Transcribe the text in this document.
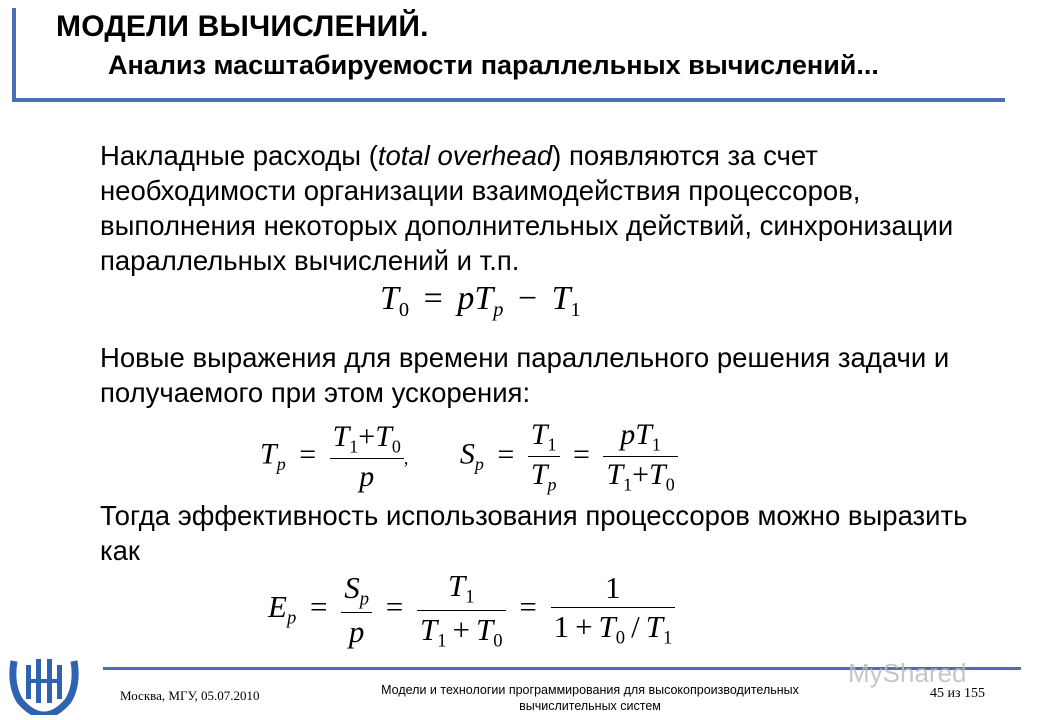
МОДЕЛИ ВЫЧИСЛЕНИЙ.
Анализ масштабируемости параллельных вычислений...
Накладные расходы (total overhead) появляются за счет необходимости организации взаимодействия процессоров, выполнения некоторых дополнительных действий, синхронизации параллельных вычислений и т.п.
$T_0 = pT_p - T_1$
Новые выражения для времени параллельного решения задачи и получаемого при этом ускорения:
$T_p = \frac{T_1+T_0}{p}$ , $S_p = \frac{T_1}{T_p} = \frac{pT_1}{T_1+T_0}$
Тогда эффективность использования процессоров можно выразить как
$E_p = \frac{S_p}{p} = \frac{T_1}{T_1 + T_0} = \frac{1}{1 + T_0 / T_1}$
MyShared
Москва, МГУ, 05.07.2010	Модели и технологии программирования для высокопроизводительных вычислительных систем
45 из 155
